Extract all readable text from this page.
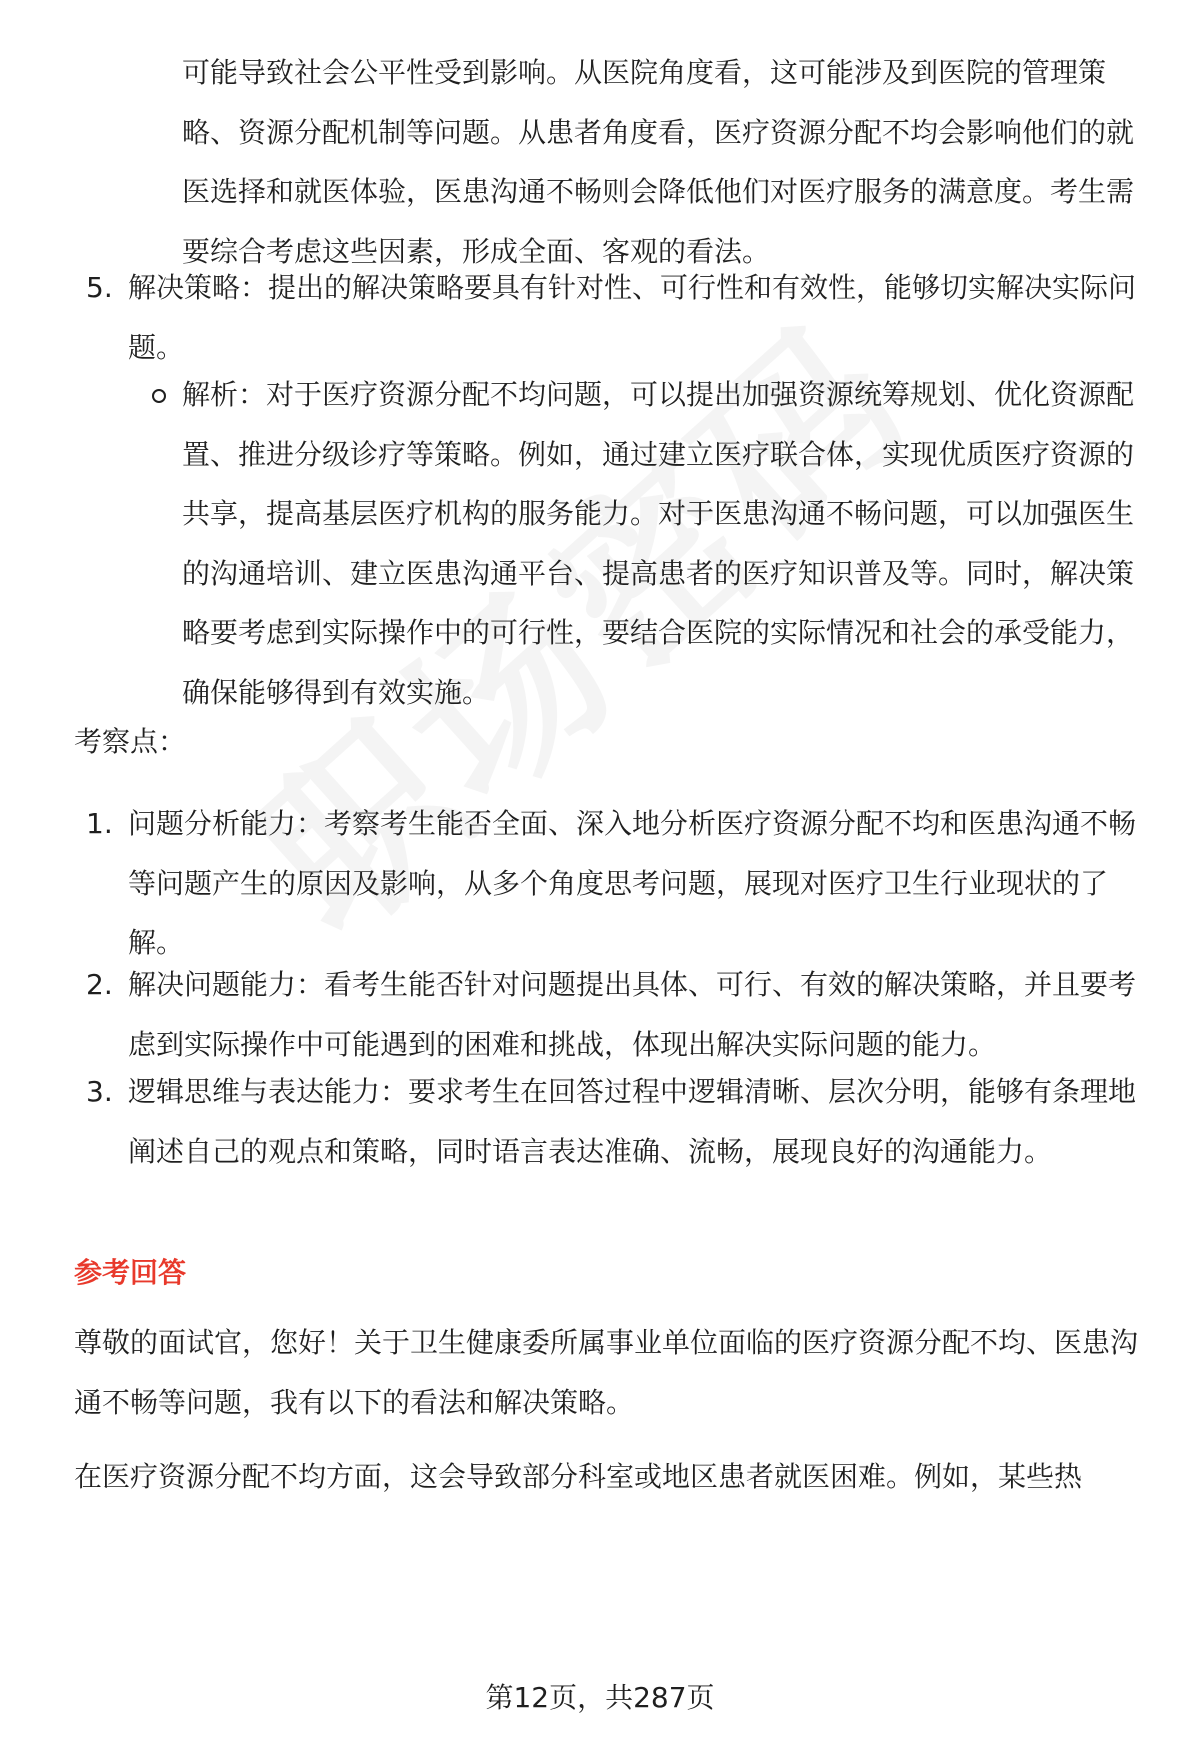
可能导致社会公平性受到影响。从医院角度看，这可能涉及到医院的管理策略、资源分配机制等问题。从患者角度看，医疗资源分配不均会影响他们的就医选择和就医体验，医患沟通不畅则会降低他们对医疗服务的满意度。考生需要综合考虑这些因素，形成全面、客观的看法。

5. 解决策略：提出的解决策略要具有针对性、可行性和有效性，能够切实解决实际问题。

解析：对于医疗资源分配不均问题，可以提出加强资源统筹规划、优化资源配置、推进分级诊疗等策略。例如，通过建立医疗联合体，实现优质医疗资源的共享，提高基层医疗机构的服务能力。对于医患沟通不畅问题，可以加强医生的沟通培训、建立医患沟通平台、提高患者的医疗知识普及等。同时，解决策略要考虑到实际操作中的可行性，要结合医院的实际情况和社会的承受能力，确保能够得到有效实施。

考察点：
1. 问题分析能力：考察考生能否全面、深入地分析医疗资源分配不均和医患沟通不畅等问题产生的原因及影响，从多个角度思考问题，展现对医疗卫生行业现状的了解。

2. 解决问题能力：看考生能否针对问题提出具体、可行、有效的解决策略，并且要考虑到实际操作中可能遇到的困难和挑战，体现出解决实际问题的能力。

3. 逻辑思维与表达能力：要求考生在回答过程中逻辑清晰、层次分明，能够有条理地阐述自己的观点和策略，同时语言表达准确、流畅，展现良好的沟通能力。

参考回答

尊敬的面试官，您好！关于卫生健康委所属事业单位面临的医疗资源分配不均、医患沟通不畅等问题，我有以下的看法和解决策略。

在医疗资源分配不均方面，这会导致部分科室或地区患者就医困难。例如，某些热

第12页，共287页
